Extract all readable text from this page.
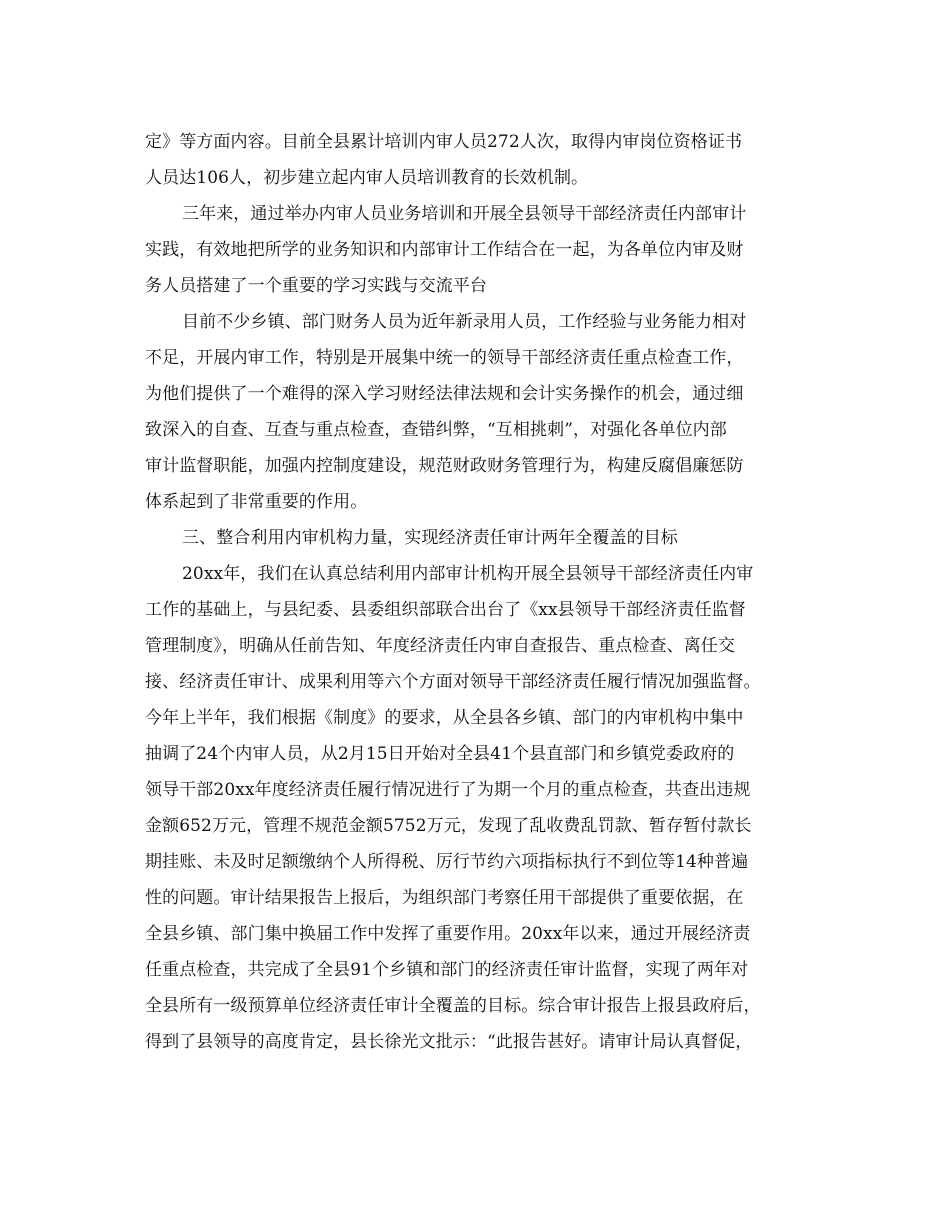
定》等方面内容。目前全县累计培训内审人员272人次，取得内审岗位资格证书
人员达106人，初步建立起内审人员培训教育的长效机制。
三年来，通过举办内审人员业务培训和开展全县领导干部经济责任内部审计
实践，有效地把所学的业务知识和内部审计工作结合在一起，为各单位内审及财
务人员搭建了一个重要的学习实践与交流平台
目前不少乡镇、部门财务人员为近年新录用人员，工作经验与业务能力相对
不足，开展内审工作，特别是开展集中统一的领导干部经济责任重点检查工作，
为他们提供了一个难得的深入学习财经法律法规和会计实务操作的机会，通过细
致深入的自查、互查与重点检查，查错纠弊，“互相挑刺”，对强化各单位内部
审计监督职能，加强内控制度建设，规范财政财务管理行为，构建反腐倡廉惩防
体系起到了非常重要的作用。
三、整合利用内审机构力量，实现经济责任审计两年全覆盖的目标
20xx年，我们在认真总结利用内部审计机构开展全县领导干部经济责任内审
工作的基础上，与县纪委、县委组织部联合出台了《xx县领导干部经济责任监督
管理制度》，明确从任前告知、年度经济责任内审自查报告、重点检查、离任交
接、经济责任审计、成果利用等六个方面对领导干部经济责任履行情况加强监督。
今年上半年，我们根据《制度》的要求，从全县各乡镇、部门的内审机构中集中
抽调了24个内审人员，从2月15日开始对全县41个县直部门和乡镇党委政府的
领导干部20xx年度经济责任履行情况进行了为期一个月的重点检查，共查出违规
金额652万元，管理不规范金额5752万元，发现了乱收费乱罚款、暂存暂付款长
期挂账、未及时足额缴纳个人所得税、厉行节约六项指标执行不到位等14种普遍
性的问题。审计结果报告上报后，为组织部门考察任用干部提供了重要依据，在
全县乡镇、部门集中换届工作中发挥了重要作用。20xx年以来，通过开展经济责
任重点检查，共完成了全县91个乡镇和部门的经济责任审计监督，实现了两年对
全县所有一级预算单位经济责任审计全覆盖的目标。综合审计报告上报县政府后，
得到了县领导的高度肯定，县长徐光文批示：“此报告甚好。请审计局认真督促，
